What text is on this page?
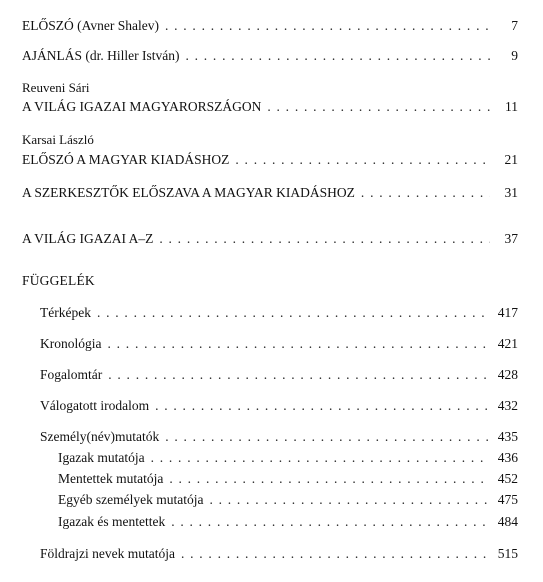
ELŐSZÓ (Avner Shalev) . . .	7
AJÁNLÁS (dr. Hiller István) . . .	9
Reuveni Sári
A VILÁG IGAZAI MAGYARORSZÁGON . . .	11
Karsai László
ELŐSZÓ A MAGYAR KIADÁSHOZ . . .	21
A SZERKESZTŐK ELŐSZAVA A MAGYAR KIADÁSHOZ . . .	31
A VILÁG IGAZAI A–Z . . .	37
FÜGGELÉK
Térképek . . .	417
Kronológia . . .	421
Fogalomtár . . .	428
Válogatott irodalom . . .	432
Személy(név)mutatók . . .	435
Igazak mutatója . . .	436
Mentettek mutatója . . .	452
Egyéb személyek mutatója . . .	475
Igazak és mentettek . . .	484
Földrajzi nevek mutatója . . .	515
